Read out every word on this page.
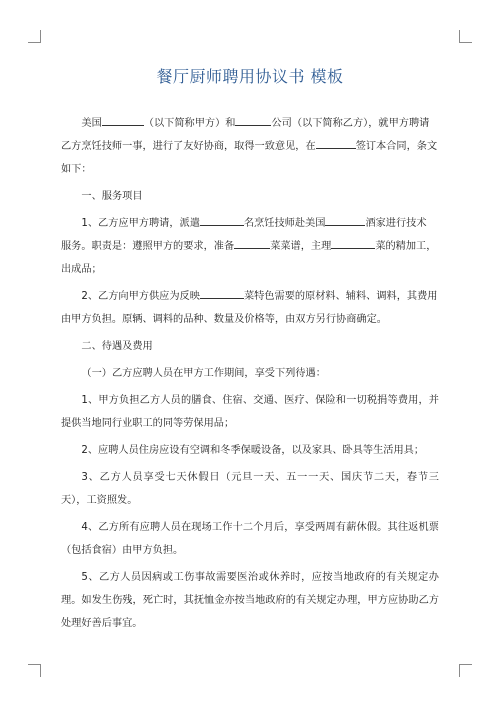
餐厅厨师聘用协议书 模板
美国	（以下简称甲方）和	公司（以下简称乙方），就甲方聘请
乙方烹饪技师一事，进行了友好协商，取得一致意见，在	签订本合同，条文
如下：
一、服务项目
1、乙方应甲方聘请，派遣	名烹饪技师赴美国	酒家进行技术
服务。职责是：遵照甲方的要求，准备	菜菜谱，主理	菜的精加工，
出成品；
2、乙方向甲方供应为反映	菜特色需要的原材料、辅料、调料，其费用
由甲方负担。原辆、调料的品种、数量及价格等，由双方另行协商确定。
二、待遇及费用
（一）乙方应聘人员在甲方工作期间，享受下列待遇：
1、甲方负担乙方人员的膳食、住宿、交通、医疗、保险和一切税捐等费用，并提供当地同行业职工的同等劳保用品；
2、应聘人员住房应设有空调和冬季保暖设备，以及家具、卧具等生活用具；
3、乙方人员享受七天休假日（元旦一天、五一一天、国庆节二天，春节三天），工资照发。
4、乙方所有应聘人员在现场工作十二个月后，享受两周有薪休假。其往返机票（包括食宿）由甲方负担。
5、乙方人员因病或工伤事故需要医治或休养时，应按当地政府的有关规定办理。如发生伤残，死亡时，其抚恤金亦按当地政府的有关规定办理，甲方应协助乙方处理好善后事宜。
